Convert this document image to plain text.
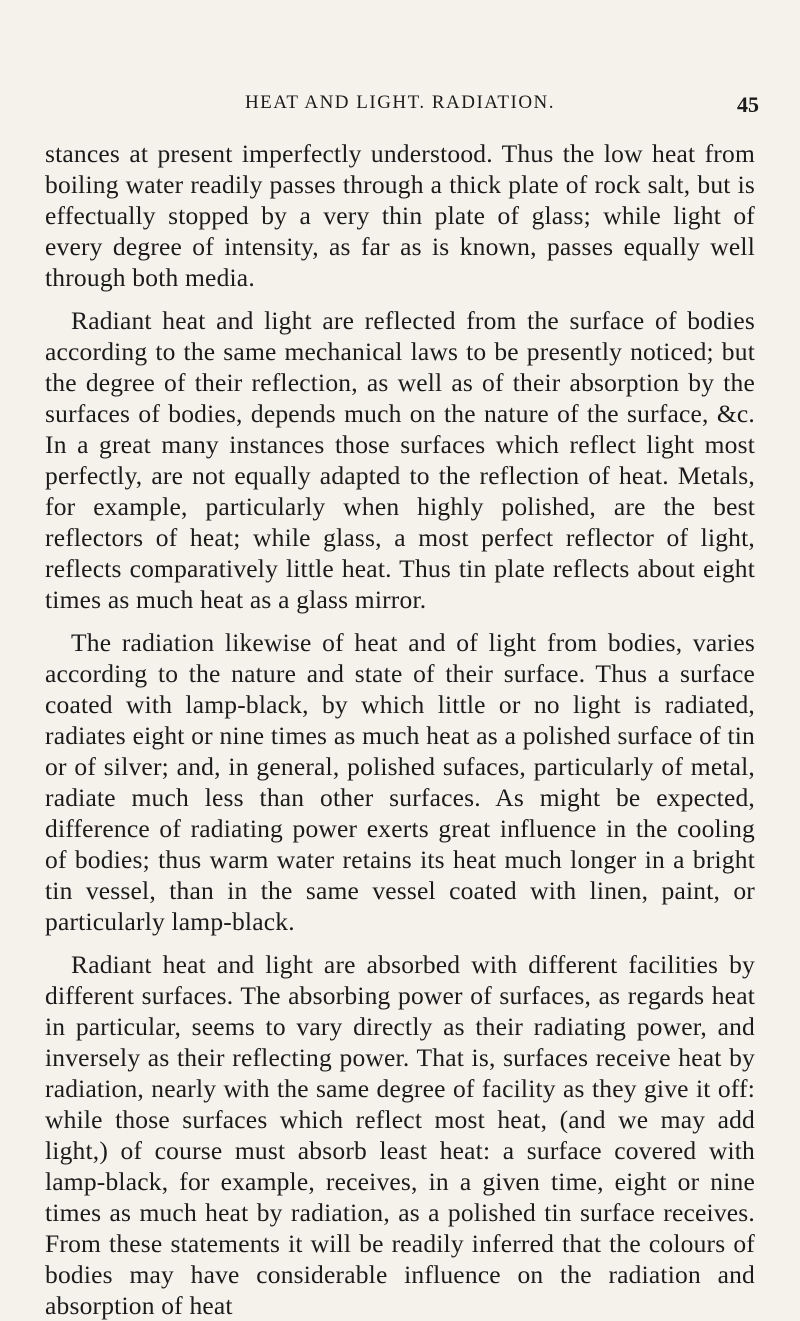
HEAT AND LIGHT. RADIATION.	45

stances at present imperfectly understood. Thus the low heat from boiling water readily passes through a thick plate of rock salt, but is effectually stopped by a very thin plate of glass; while light of every degree of intensity, as far as is known, passes equally well through both media.

Radiant heat and light are reflected from the surface of bodies according to the same mechanical laws to be presently noticed; but the degree of their reflection, as well as of their absorption by the surfaces of bodies, depends much on the nature of the surface, &c. In a great many instances those surfaces which reflect light most perfectly, are not equally adapted to the reflection of heat. Metals, for example, particularly when highly polished, are the best reflectors of heat; while glass, a most perfect reflector of light, reflects comparatively little heat. Thus tin plate reflects about eight times as much heat as a glass mirror.

The radiation likewise of heat and of light from bodies, varies according to the nature and state of their surface. Thus a surface coated with lamp-black, by which little or no light is radiated, radiates eight or nine times as much heat as a polished surface of tin or of silver; and, in general, polished sufaces, particularly of metal, radiate much less than other surfaces. As might be expected, difference of radiating power exerts great influence in the cooling of bodies; thus warm water retains its heat much longer in a bright tin vessel, than in the same vessel coated with linen, paint, or particularly lamp-black.

Radiant heat and light are absorbed with different facilities by different surfaces. The absorbing power of surfaces, as regards heat in particular, seems to vary directly as their radiating power, and inversely as their reflecting power. That is, surfaces receive heat by radiation, nearly with the same degree of facility as they give it off: while those surfaces which reflect most heat, (and we may add light,) of course must absorb least heat: a surface covered with lamp-black, for example, receives, in a given time, eight or nine times as much heat by radiation, as a polished tin surface receives. From these statements it will be readily inferred that the colours of bodies may have considerable influence on the radiation and absorption of heat
